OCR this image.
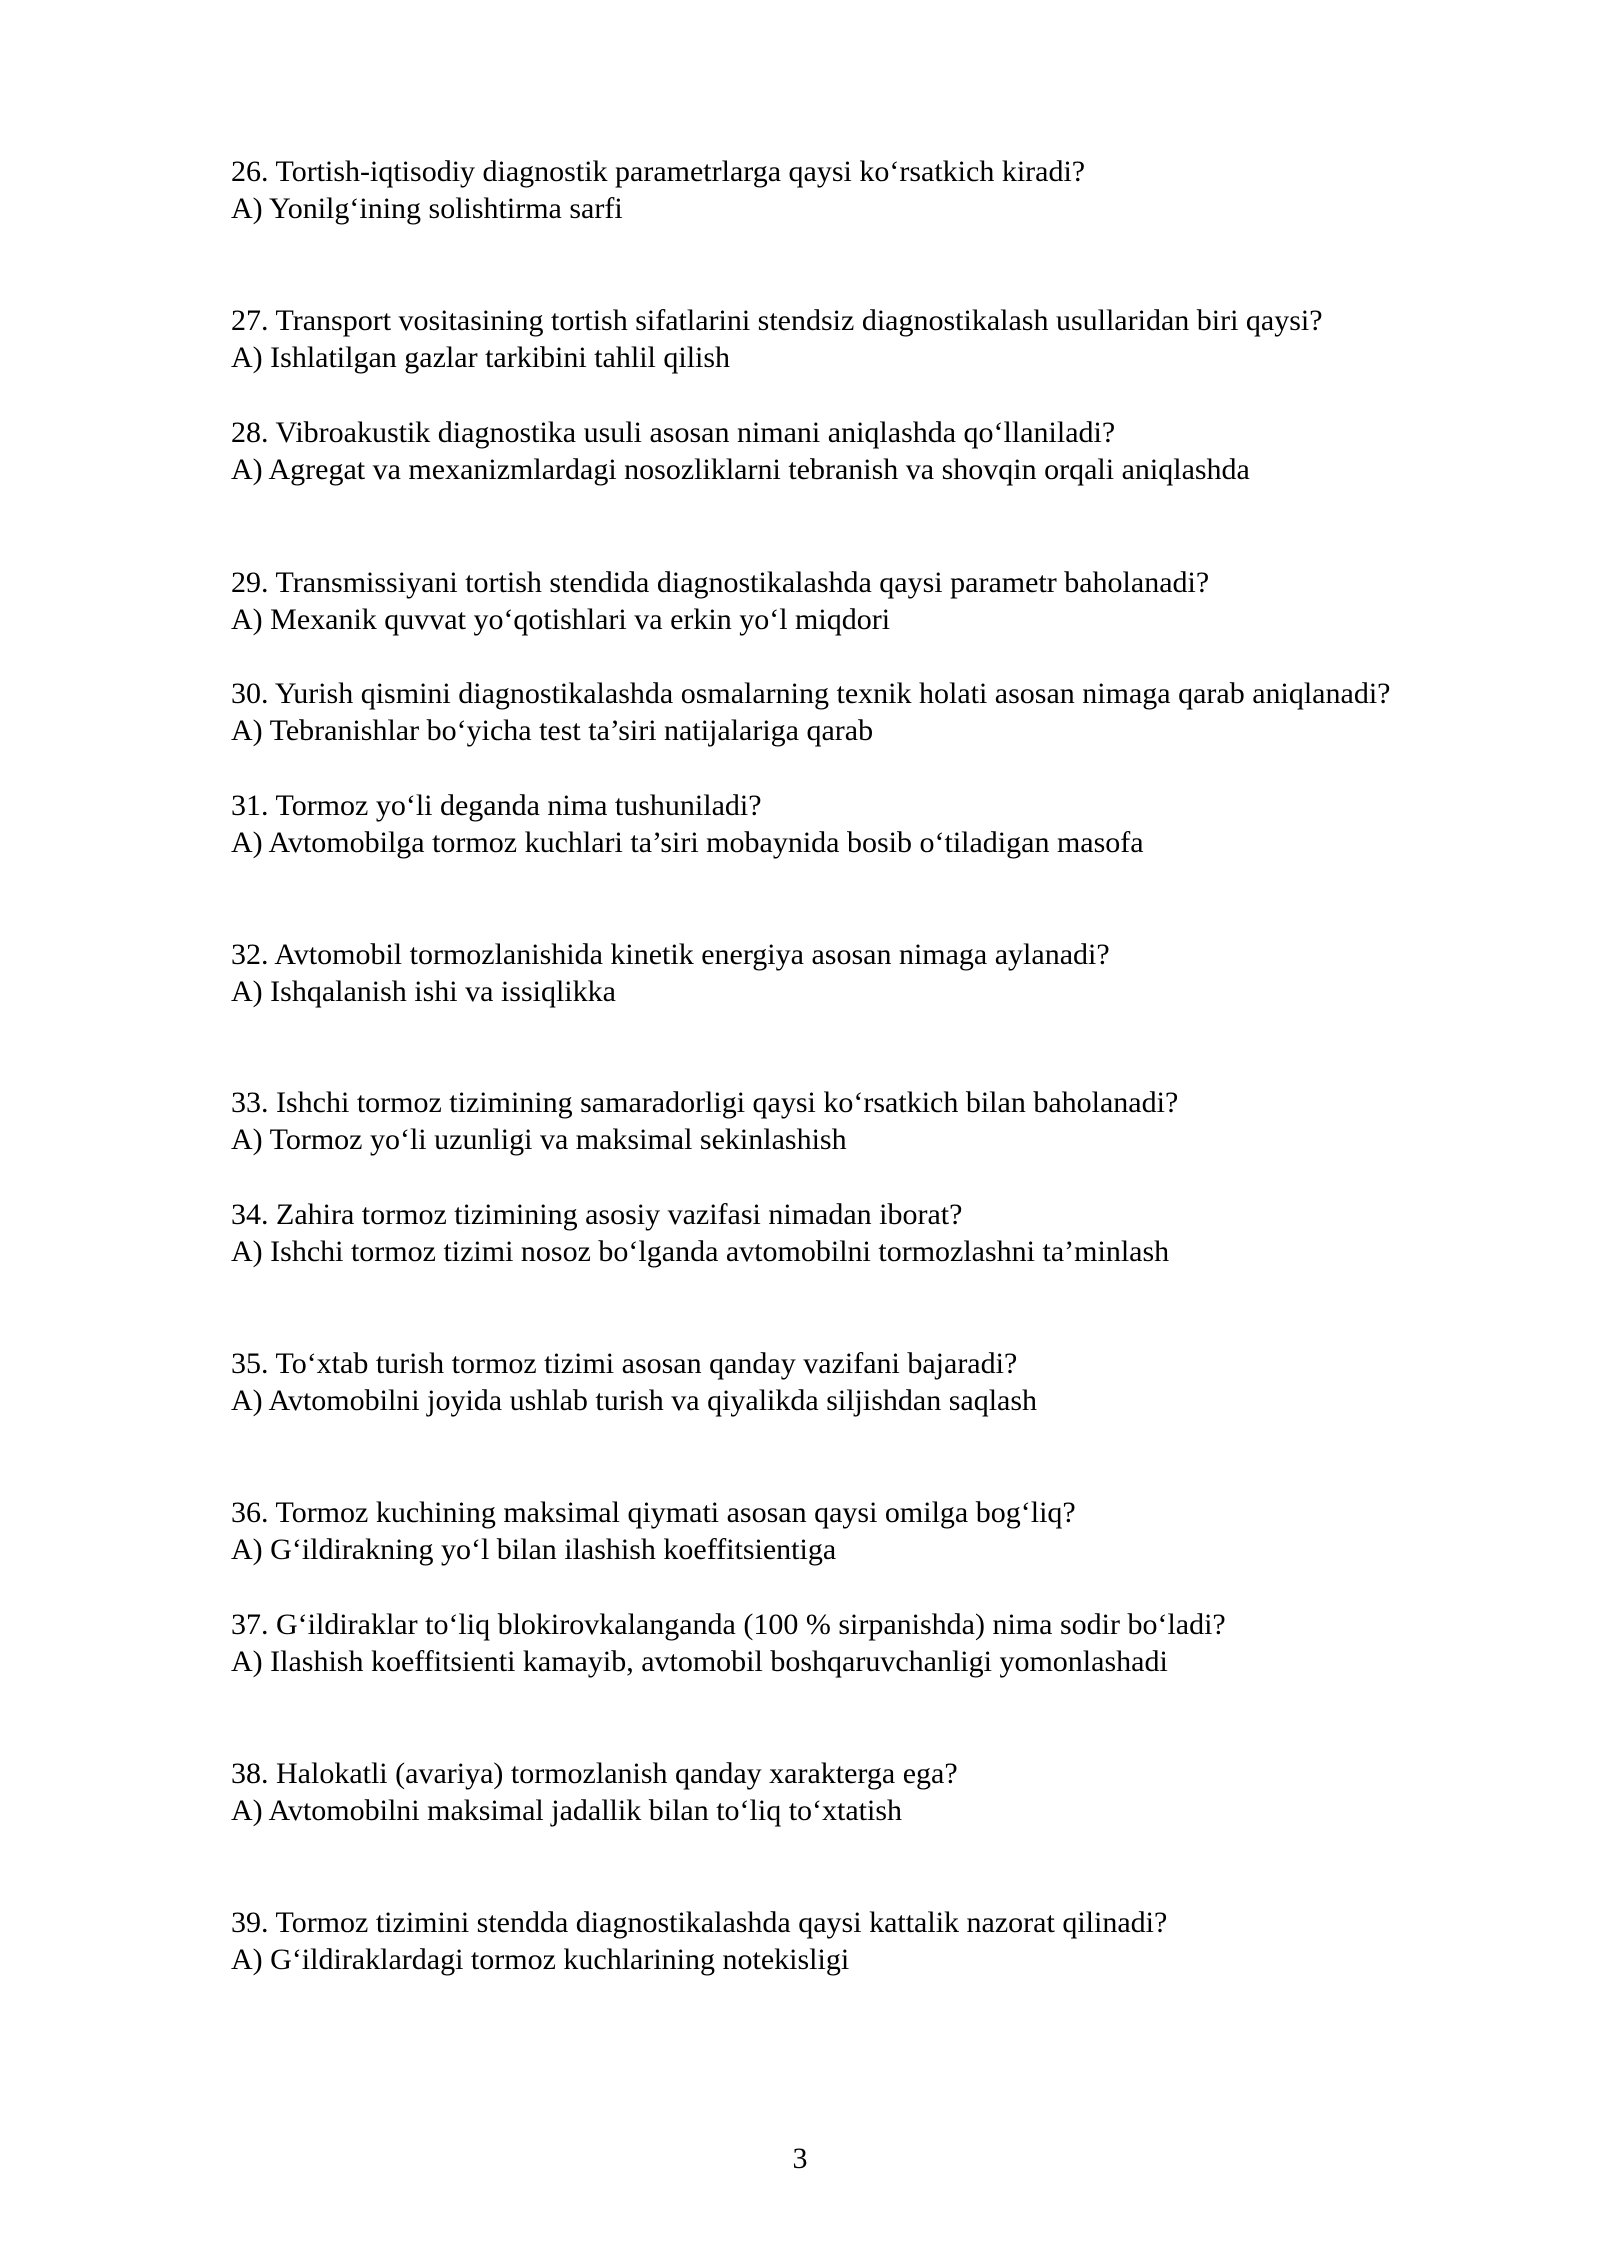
26. Tortish-iqtisodiy diagnostik parametrlarga qaysi ko‘rsatkich kiradi?
A) Yonilg‘ining solishtirma sarfi
27. Transport vositasining tortish sifatlarini stendsiz diagnostikalash usullaridan biri qaysi?
A) Ishlatilgan gazlar tarkibini tahlil qilish
28. Vibroakustik diagnostika usuli asosan nimani aniqlashda qo‘llaniladi?
A) Agregat va mexanizmlardagi nosozliklarni tebranish va shovqin orqali aniqlashda
29. Transmissiyani tortish stendida diagnostikalashda qaysi parametr baholanadi?
A) Mexanik quvvat yo‘qotishlari va erkin yo‘l miqdori
30. Yurish qismini diagnostikalashda osmalarning texnik holati asosan nimaga qarab aniqlanadi?
A) Tebranishlar bo‘yicha test ta’siri natijalariga qarab
31. Tormoz yo‘li deganda nima tushuniladi?
A) Avtomobilga tormoz kuchlari ta’siri mobaynida bosib o‘tiladigan masofa
32. Avtomobil tormozlanishida kinetik energiya asosan nimaga aylanadi?
A) Ishqalanish ishi va issiqlikka
33. Ishchi tormoz tizimining samaradorligi qaysi ko‘rsatkich bilan baholanadi?
A) Tormoz yo‘li uzunligi va maksimal sekinlashish
34. Zahira tormoz tizimining asosiy vazifasi nimadan iborat?
A) Ishchi tormoz tizimi nosoz bo‘lganda avtomobilni tormozlashni ta’minlash
35. To‘xtab turish tormoz tizimi asosan qanday vazifani bajaradi?
A) Avtomobilni joyida ushlab turish va qiyalikda siljishdan saqlash
36. Tormoz kuchining maksimal qiymati asosan qaysi omilga bog‘liq?
A) G‘ildirakning yo‘l bilan ilashish koeffitsientiga
37. G‘ildiraklar to‘liq blokirovkalanganda (100 % sirpanishda) nima sodir bo‘ladi?
A) Ilashish koeffitsienti kamayib, avtomobil boshqaruvchanligi yomonlashadi
38. Halokatli (avariya) tormozlanish qanday xarakterga ega?
A) Avtomobilni maksimal jadallik bilan to‘liq to‘xtatish
39. Tormoz tizimini stendda diagnostikalashda qaysi kattalik nazorat qilinadi?
A) G‘ildiraklardagi tormoz kuchlarining notekisligi
3
